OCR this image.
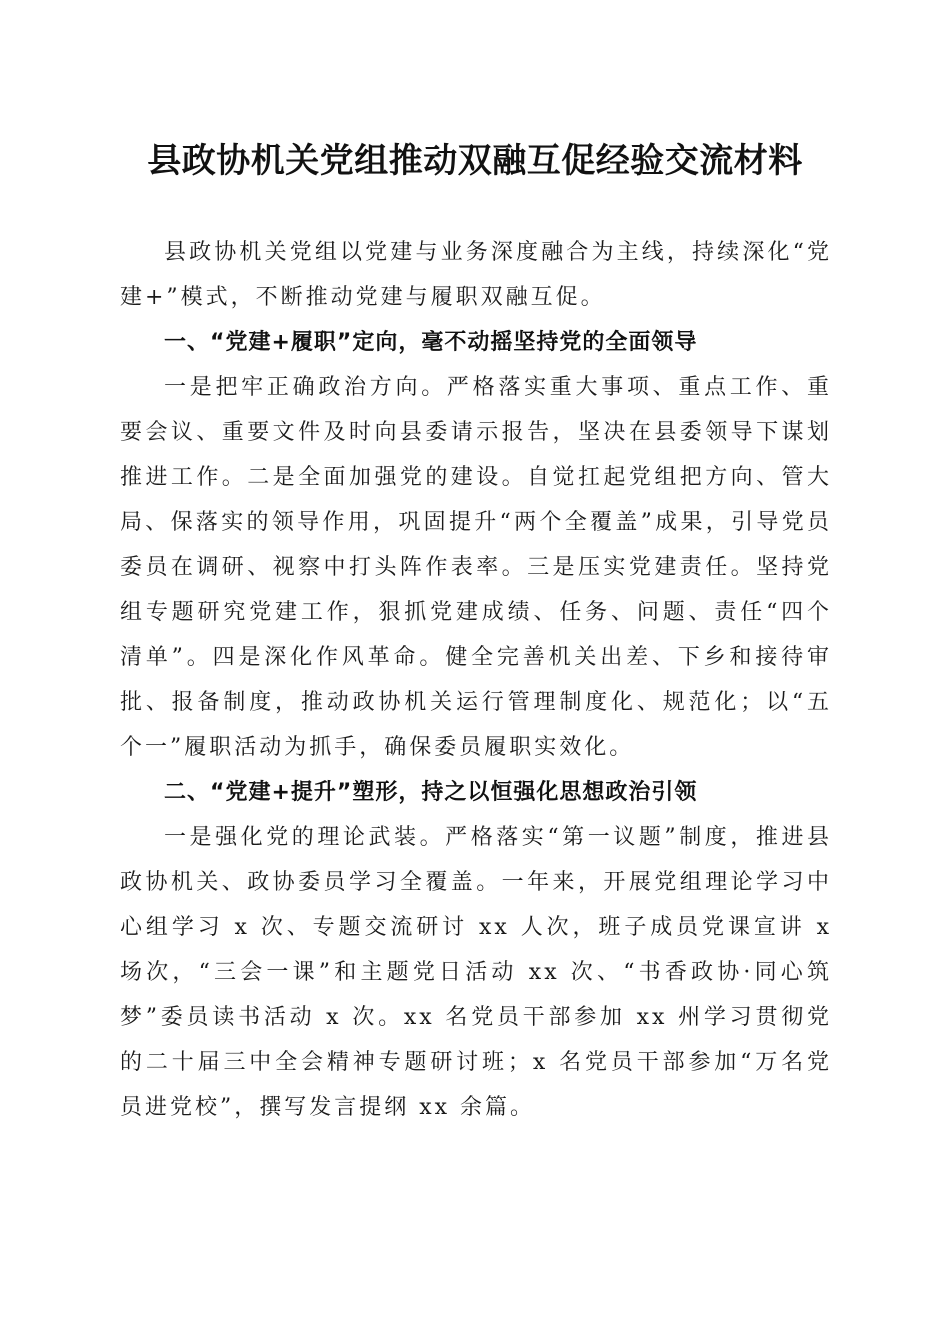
县政协机关党组推动双融互促经验交流材料

县政协机关党组以党建与业务深度融合为主线，持续深化“党建+”模式，不断推动党建与履职双融互促。

一、“党建+履职”定向，毫不动摇坚持党的全面领导

一是把牢正确政治方向。严格落实重大事项、重点工作、重要会议、重要文件及时向县委请示报告，坚决在县委领导下谋划推进工作。二是全面加强党的建设。自觉扛起党组把方向、管大局、保落实的领导作用，巩固提升“两个全覆盖”成果，引导党员委员在调研、视察中打头阵作表率。三是压实党建责任。坚持党组专题研究党建工作，狠抓党建成绩、任务、问题、责任“四个清单”。四是深化作风革命。健全完善机关出差、下乡和接待审批、报备制度，推动政协机关运行管理制度化、规范化；以“五个一”履职活动为抓手，确保委员履职实效化。

二、“党建+提升”塑形，持之以恒强化思想政治引领

一是强化党的理论武装。严格落实“第一议题”制度，推进县政协机关、政协委员学习全覆盖。一年来，开展党组理论学习中心组学习 x 次、专题交流研讨 xx 人次，班子成员党课宣讲 x 场次，“三会一课”和主题党日活动 xx 次、“书香政协·同心筑梦”委员读书活动 x 次。xx 名党员干部参加 xx 州学习贯彻党的二十届三中全会精神专题研讨班；x 名党员干部参加“万名党员进党校”，撰写发言提纲 xx 余篇。
